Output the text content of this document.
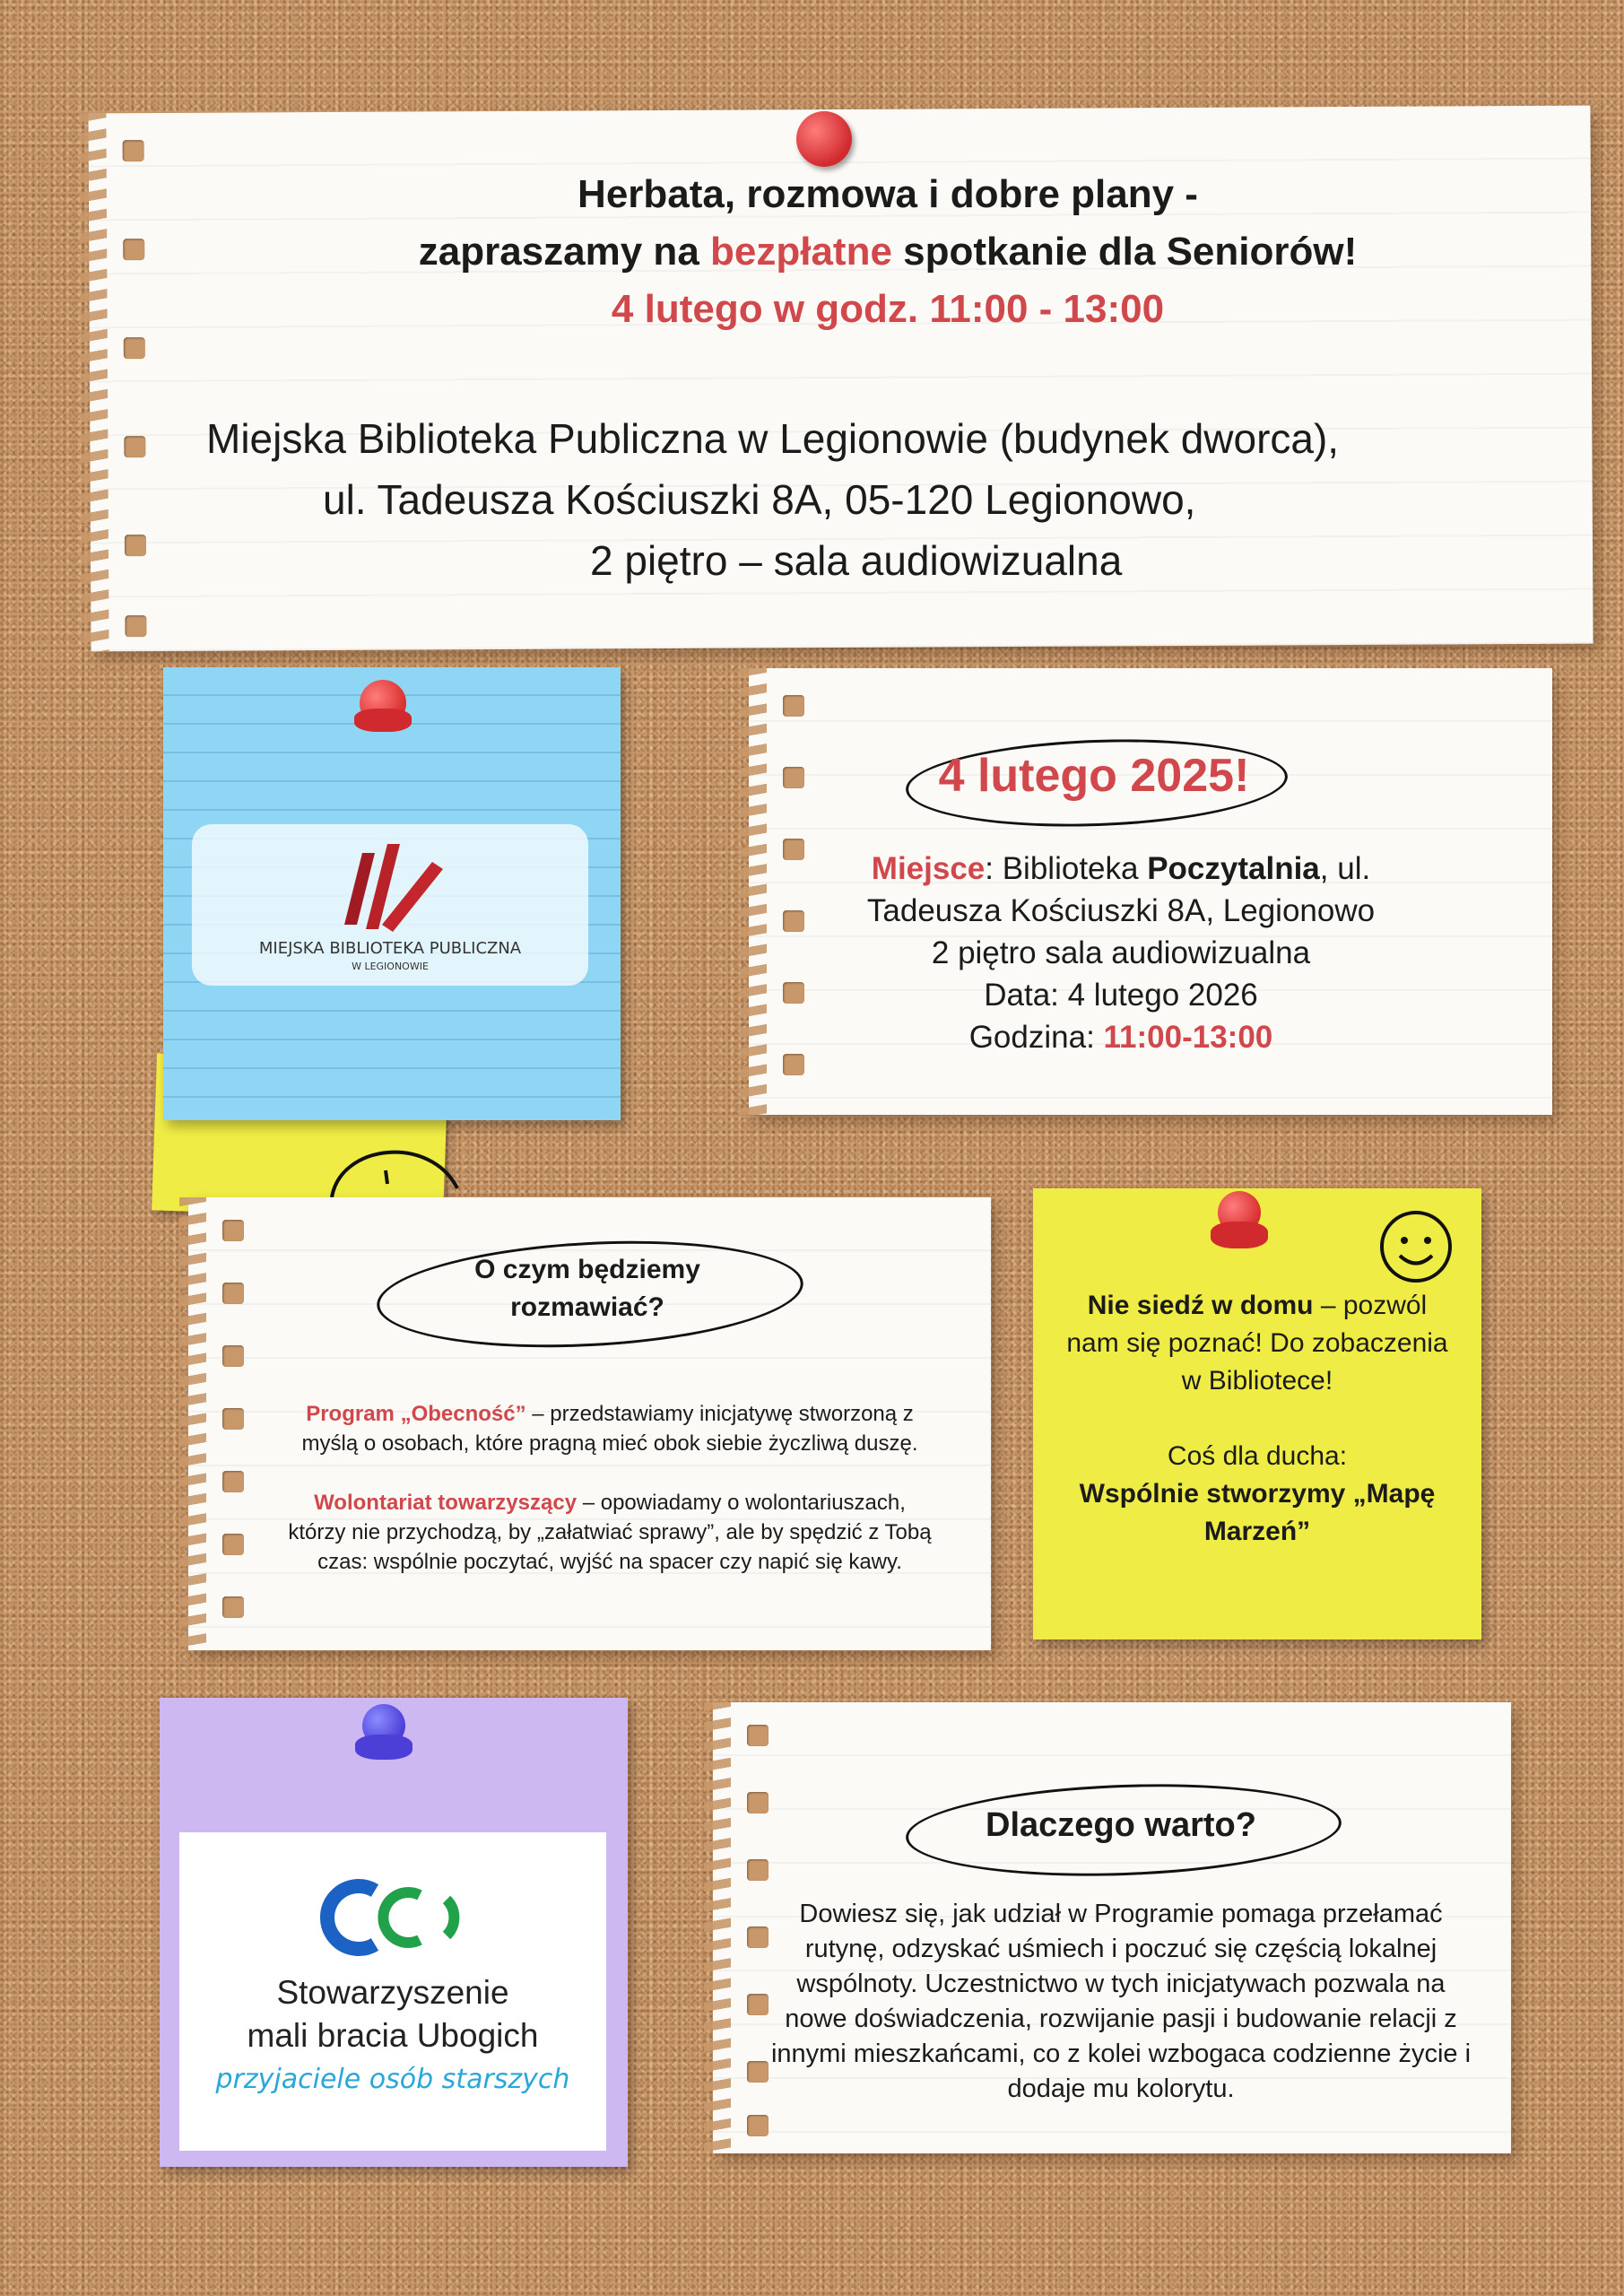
Herbata, rozmowa i dobre plany -
zapraszamy na bezpłatne spotkanie dla Seniorów!
4 lutego w godz. 11:00 - 13:00
Miejska Biblioteka Publiczna w Legionowie (budynek dworca),
ul. Tadeusza Kościuszki 8A, 05-120 Legionowo,
2 piętro – sala audiowizualna
MIEJSKA BIBLIOTEKA PUBLICZNA
W LEGIONOWIE
4 lutego 2025!
Miejsce: Biblioteka Poczytalnia, ul.
Tadeusza Kościuszki 8A, Legionowo
2 piętro sala audiowizualna
Data: 4 lutego 2026
Godzina: 11:00-13:00
O czym będziemy
rozmawiać?

Program „Obecność” – przedstawiamy inicjatywę stworzoną z myślą o osobach, które pragną mieć obok siebie życzliwą duszę.

Wolontariat towarzyszący – opowiadamy o wolontariuszach, którzy nie przychodzą, by „załatwiać sprawy”, ale by spędzić z Tobą czas: wspólnie poczytać, wyjść na spacer czy napić się kawy.

Nie siedź w domu – pozwól nam się poznać! Do zobaczenia w Bibliotece!

Coś dla ducha:
Wspólnie stworzymy „Mapę Marzeń”
Stowarzyszenie
mali bracia Ubogich
przyjaciele osób starszych
Dlaczego warto?
Dowiesz się, jak udział w Programie pomaga przełamać rutynę, odzyskać uśmiech i poczuć się częścią lokalnej wspólnoty. Uczestnictwo w tych inicjatywach pozwala na nowe doświadczenia, rozwijanie pasji i budowanie relacji z innymi mieszkańcami, co z kolei wzbogaca codzienne życie i dodaje mu kolorytu.
